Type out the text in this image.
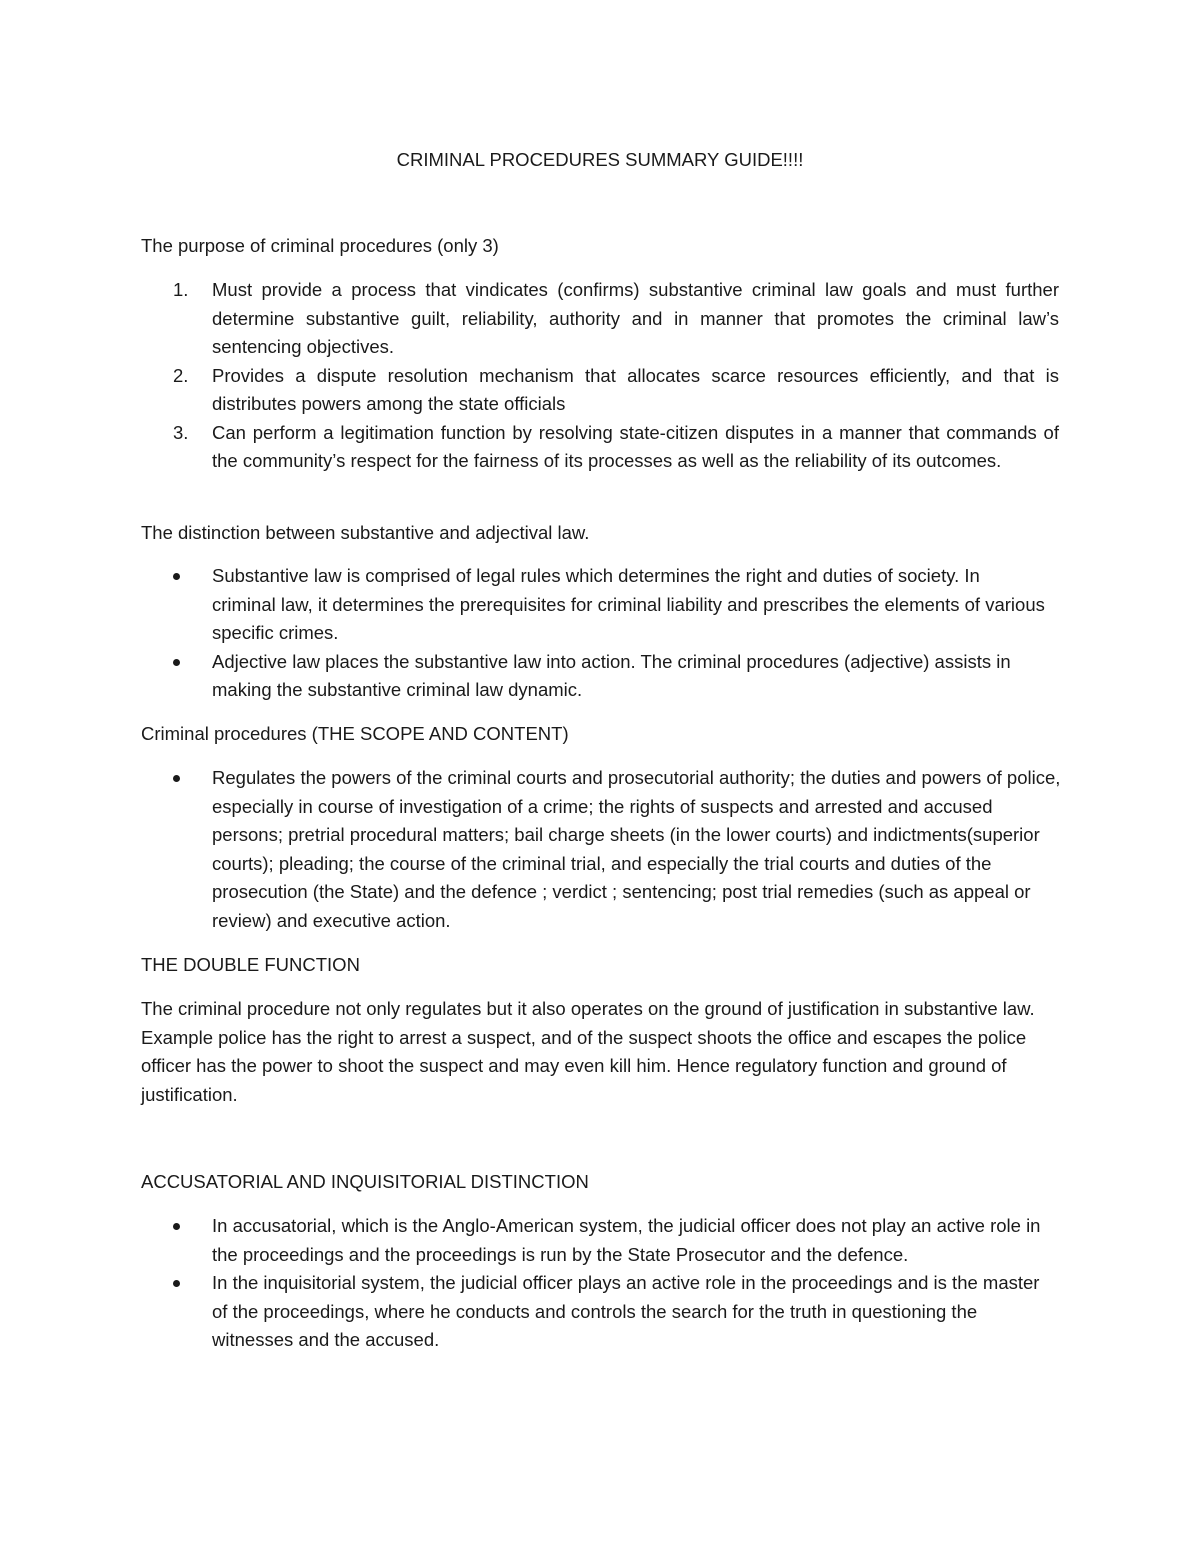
CRIMINAL PROCEDURES SUMMARY GUIDE!!!!

The purpose of criminal procedures (only 3)

1. Must provide a process that vindicates (confirms) substantive criminal law goals and must further determine substantive guilt, reliability, authority and in manner that promotes the criminal law’s sentencing objectives.
2. Provides a dispute resolution mechanism that allocates scarce resources efficiently, and that is distributes powers among the state officials
3. Can perform a legitimation function by resolving state-citizen disputes in a manner that commands of the community’s respect for the fairness of its processes as well as the reliability of its outcomes.

The distinction between substantive and adjectival law.

Substantive law is comprised of legal rules which determines the right and duties of society. In criminal law, it determines the prerequisites for criminal liability and prescribes the elements of various specific crimes.
Adjective law places the substantive law into action. The criminal procedures (adjective) assists in making the substantive criminal law dynamic.

Criminal procedures (THE SCOPE AND CONTENT)

Regulates the powers of the criminal courts and prosecutorial authority; the duties and powers of police, especially in course of investigation of a crime; the rights of suspects and arrested and accused persons; pretrial procedural matters; bail charge sheets (in the lower courts) and indictments(superior courts); pleading; the course of the criminal trial, and especially the trial courts and duties of the prosecution (the State) and the defence ; verdict ; sentencing; post trial remedies (such as appeal or review) and executive action.

THE DOUBLE FUNCTION

The criminal procedure not only regulates but it also operates on the ground of justification in substantive law. Example police has the right to arrest a suspect, and of the suspect shoots the office and escapes the police officer has the power to shoot the suspect and may even kill him. Hence regulatory function and ground of justification.

ACCUSATORIAL AND INQUISITORIAL DISTINCTION

In accusatorial, which is the Anglo-American system, the judicial officer does not play an active role in the proceedings and the proceedings is run by the State Prosecutor and the defence.
In the inquisitorial system, the judicial officer plays an active role in the proceedings and is the master of the proceedings, where he conducts and controls the search for the truth in questioning the witnesses and the accused.
